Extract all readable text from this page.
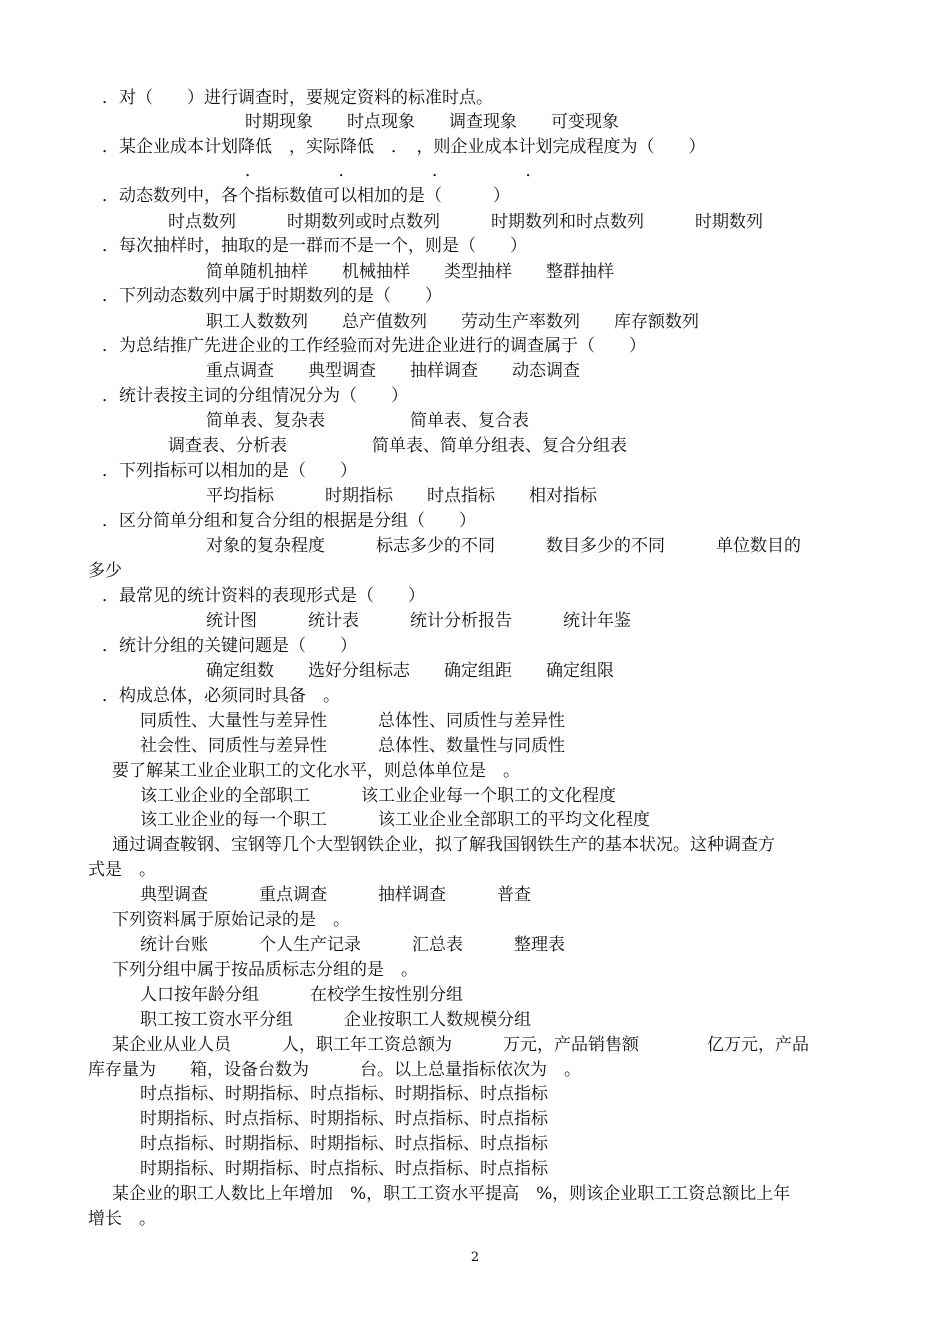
．对（　　）进行调查时，要规定资料的标准时点。
时期现象　　时点现象　　调查现象　　可变现象
．某企业成本计划降低　，实际降低　．　，则企业成本计划完成程度为（　　）
．　　　　　．　　　　　．　　　　　．
．动态数列中，各个指标数值可以相加的是（　　　）
时点数列　　　时期数列或时点数列　　　时期数列和时点数列　　　时期数列
．每次抽样时，抽取的是一群而不是一个，则是（　　）
简单随机抽样　　机械抽样　　类型抽样　　整群抽样
．下列动态数列中属于时期数列的是（　　）
职工人数数列　　总产值数列　　劳动生产率数列　　库存额数列
．为总结推广先进企业的工作经验而对先进企业进行的调查属于（　　）
重点调查　　典型调查　　抽样调查　　动态调查
．统计表按主词的分组情况分为（　　）
简单表、复杂表　　　　　简单表、复合表
调查表、分析表　　　　　简单表、简单分组表、复合分组表
．下列指标可以相加的是（　　）
平均指标　　　时期指标　　时点指标　　相对指标
．区分简单分组和复合分组的根据是分组（　　）
对象的复杂程度　　　标志多少的不同　　　数目多少的不同　　　单位数目的
多少
．最常见的统计资料的表现形式是（　　）
统计图　　　统计表　　　统计分析报告　　　统计年鉴
．统计分组的关键问题是（　　）
确定组数　　选好分组标志　　确定组距　　确定组限
．构成总体，必须同时具备　。
同质性、大量性与差异性　　　总体性、同质性与差异性
社会性、同质性与差异性　　　总体性、数量性与同质性
要了解某工业企业职工的文化水平，则总体单位是　。
该工业企业的全部职工　　　该工业企业每一个职工的文化程度
该工业企业的每一个职工　　　该工业企业全部职工的平均文化程度
通过调查鞍钢、宝钢等几个大型钢铁企业，拟了解我国钢铁生产的基本状况。这种调查方
式是　。
典型调查　　　重点调查　　　抽样调查　　　普查
下列资料属于原始记录的是　。
统计台账　　　个人生产记录　　　汇总表　　　整理表
下列分组中属于按品质标志分组的是　。
人口按年龄分组　　　在校学生按性别分组
职工按工资水平分组　　　企业按职工人数规模分组
某企业从业人员　　　人，职工年工资总额为　　　万元，产品销售额　　　　亿万元，产品
库存量为　　箱，设备台数为　　　台。以上总量指标依次为　。
时点指标、时期指标、时点指标、时期指标、时点指标
时期指标、时点指标、时期指标、时点指标、时点指标
时点指标、时期指标、时期指标、时点指标、时点指标
时期指标、时期指标、时点指标、时点指标、时点指标
某企业的职工人数比上年增加　%，职工工资水平提高　%，则该企业职工工资总额比上年
增长　。
2
